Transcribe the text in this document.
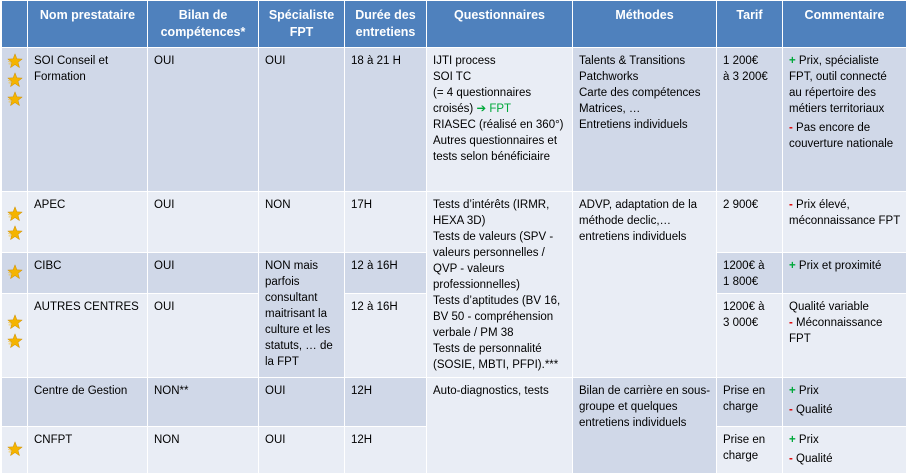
	Nom prestataire	Bilan de compétences*	Spécialiste FPT	Durée des entretiens	Questionnaires	Méthodes	Tarif	Commentaire

	SOI Conseil et Formation	OUI	OUI	18 à 21 H	IJTI process
SOI TC
(= 4 questionnaires croisés) ➔ FPT
RIASEC (réalisé en 360°)
Autres questionnaires et tests selon bénéficiaire	Talents & Transitions
Patchworks
Carte des compétences
Matrices, …
Entretiens individuels	1 200€
à 3 200€	+ Prix, spécialiste FPT, outil connecté au répertoire des métiers territoriaux
- Pas encore de couverture nationale

	APEC	OUI	NON	17H	Tests d’intérêts (IRMR, HEXA 3D)
Tests de valeurs (SPV - valeurs personnelles / QVP - valeurs professionnelles)
Tests d’aptitudes (BV 16, BV 50 - compréhension verbale / PM 38
Tests de personnalité (SOSIE, MBTI, PFPI).***	ADVP, adaptation de la méthode declic,… entretiens individuels	2 900€	- Prix élevé, méconnaissance FPT

	CIBC	OUI	NON mais parfois consultant maitrisant la culture et les statuts, … de la FPT	12 à 16H			1200€ à
1 800€	+ Prix et proximité

	AUTRES CENTRES	OUI		12 à 16H			1200€ à
3 000€	Qualité variable
- Méconnaissance FPT

	Centre de Gestion	NON**	OUI	12H	Auto-diagnostics, tests	Bilan de carrière en sous-groupe et quelques entretiens individuels	Prise en charge	+ Prix
- Qualité

	CNFPT	NON	OUI	12H			Prise en charge	+ Prix
- Qualité
